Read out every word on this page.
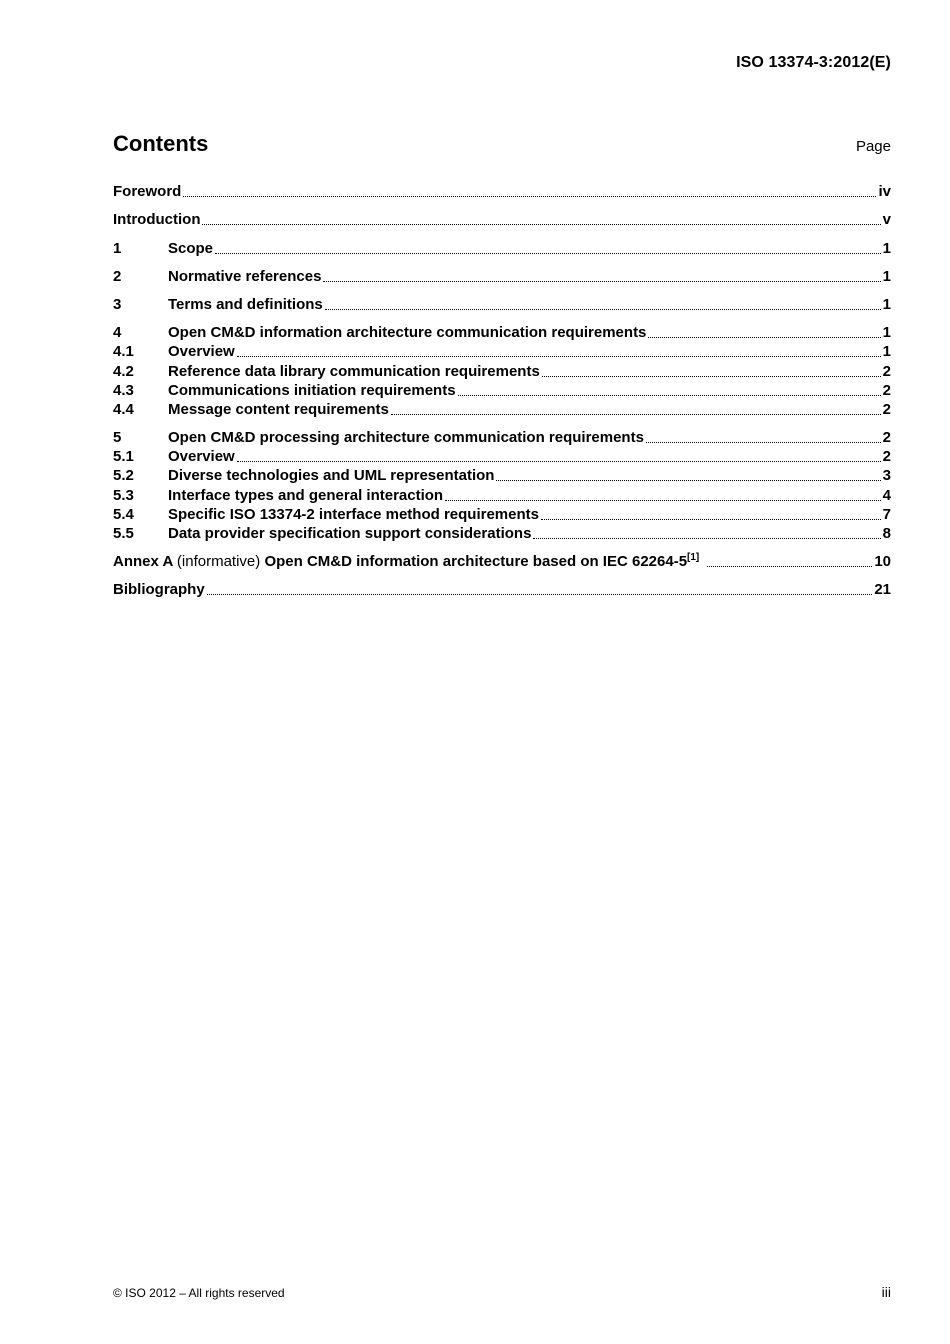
ISO 13374-3:2012(E)
Contents	Page
Foreword	iv
Introduction	v
1	Scope	1
2	Normative references	1
3	Terms and definitions	1
4	Open CM&D information architecture communication requirements	1
4.1	Overview	1
4.2	Reference data library communication requirements	2
4.3	Communications initiation requirements	2
4.4	Message content requirements	2
5	Open CM&D processing architecture communication requirements	2
5.1	Overview	2
5.2	Diverse technologies and UML representation	3
5.3	Interface types and general interaction	4
5.4	Specific ISO 13374-2 interface method requirements	7
5.5	Data provider specification support considerations	8
Annex A (informative) Open CM&D information architecture based on IEC 62264-5[1]	10
Bibliography	21
© ISO 2012 – All rights reserved	iii
